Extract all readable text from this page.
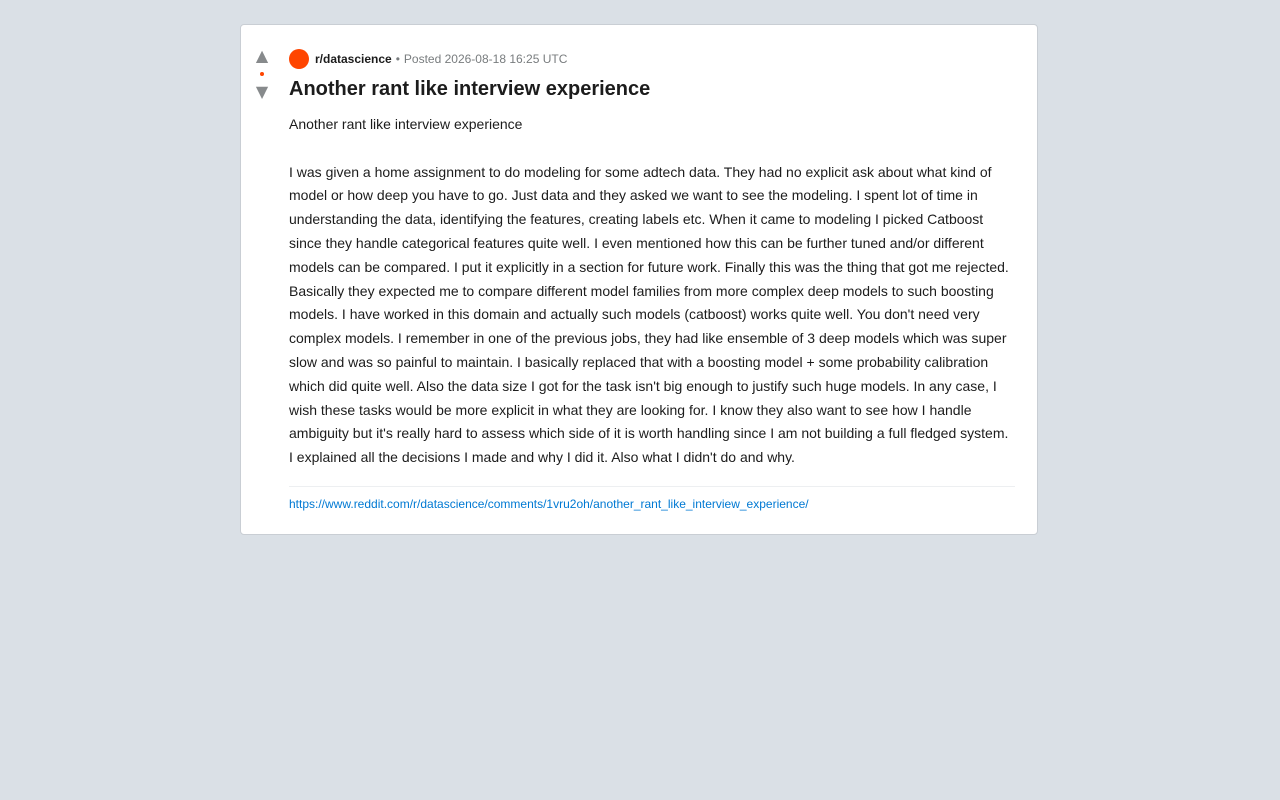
▲
▼
r/datascience • Posted 2026-08-18 16:25 UTC
Another rant like interview experience
Another rant like interview experience

I was given a home assignment to do modeling for some adtech data. They had no explicit ask about what kind of model or how deep you have to go. Just data and they asked we want to see the modeling. I spent lot of time in understanding the data, identifying the features, creating labels etc. When it came to modeling I picked Catboost since they handle categorical features quite well. I even mentioned how this can be further tuned and/or different models can be compared. I put it explicitly in a section for future work. Finally this was the thing that got me rejected. Basically they expected me to compare different model families from more complex deep models to such boosting models. I have worked in this domain and actually such models (catboost) works quite well. You don't need very complex models. I remember in one of the previous jobs, they had like ensemble of 3 deep models which was super slow and was so painful to maintain. I basically replaced that with a boosting model + some probability calibration which did quite well. Also the data size I got for the task isn't big enough to justify such huge models. In any case, I wish these tasks would be more explicit in what they are looking for. I know they also want to see how I handle ambiguity but it's really hard to assess which side of it is worth handling since I am not building a full fledged system. I explained all the decisions I made and why I did it. Also what I didn't do and why.
https://www.reddit.com/r/datascience/comments/1vru2oh/another_rant_like_interview_experience/
